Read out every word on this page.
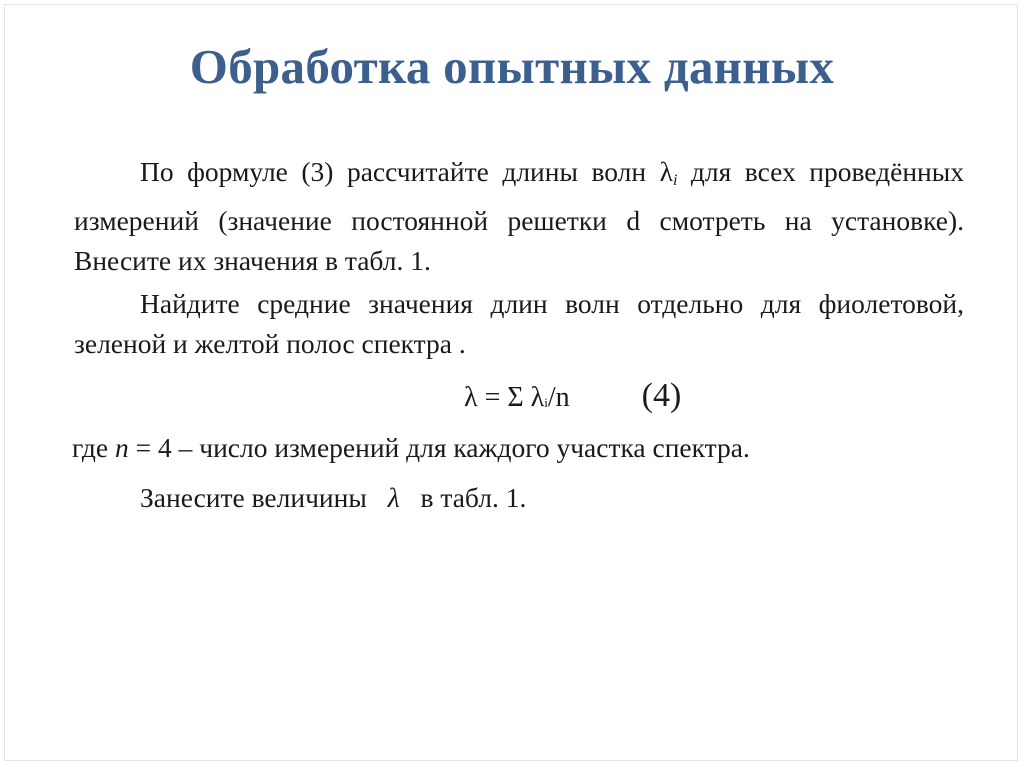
Обработка опытных данных
По формуле (3) рассчитайте длины волн $\lambda_i$ для всех проведённых измерений (значение постоянной решетки d смотреть на установке). Внесите их значения в табл. 1.
Найдите средние значения длин волн отдельно для фиолетовой, зеленой и желтой полос спектра .
λ = Σ $\lambda_i/n$ (4)
где n = 4 – число измерений для каждого участка спектра.
Занесите величины λ в табл. 1.
